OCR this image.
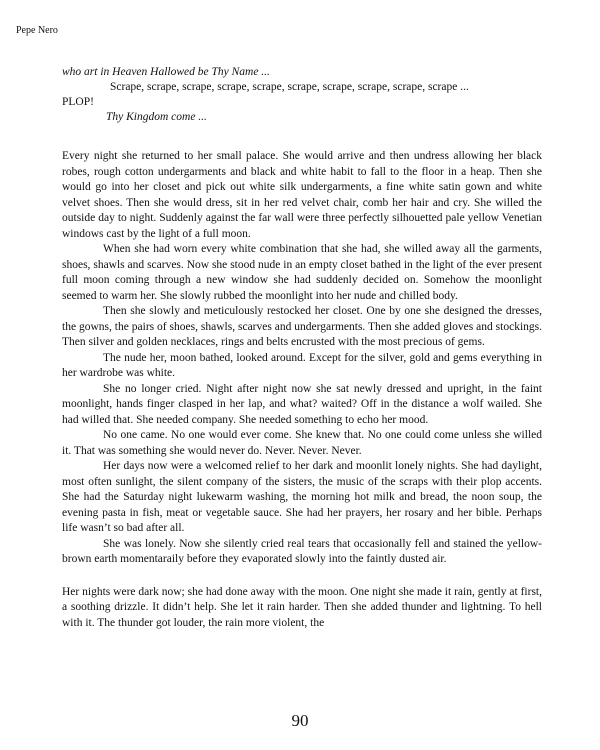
Pepe Nero
who art in Heaven Hallowed be Thy Name ...
Scrape, scrape, scrape, scrape, scrape, scrape, scrape, scrape, scrape, scrape ...
PLOP!
Thy Kingdom come ...

Every night she returned to her small palace. She would arrive and then undress allowing her black robes, rough cotton undergarments and black and white habit to fall to the floor in a heap. Then she would go into her closet and pick out white silk undergarments, a fine white satin gown and white velvet shoes. Then she would dress, sit in her red velvet chair, comb her hair and cry. She willed the outside day to night. Suddenly against the far wall were three perfectly silhouetted pale yellow Venetian windows cast by the light of a full moon.

When she had worn every white combination that she had, she willed away all the garments, shoes, shawls and scarves. Now she stood nude in an empty closet bathed in the light of the ever present full moon coming through a new window she had suddenly decided on. Somehow the moonlight seemed to warm her. She slowly rubbed the moonlight into her nude and chilled body.

Then she slowly and meticulously restocked her closet. One by one she designed the dresses, the gowns, the pairs of shoes, shawls, scarves and undergarments. Then she added gloves and stockings. Then silver and golden necklaces, rings and belts encrusted with the most precious of gems.

The nude her, moon bathed, looked around. Except for the silver, gold and gems everything in her wardrobe was white.

She no longer cried. Night after night now she sat newly dressed and upright, in the faint moonlight, hands finger clasped in her lap, and what? waited? Off in the distance a wolf wailed. She had willed that. She needed company. She needed something to echo her mood.

No one came. No one would ever come. She knew that. No one could come unless she willed it. That was something she would never do. Never. Never. Never.

Her days now were a welcomed relief to her dark and moonlit lonely nights. She had daylight, most often sunlight, the silent company of the sisters, the music of the scraps with their plop accents. She had the Saturday night lukewarm washing, the morning hot milk and bread, the noon soup, the evening pasta in fish, meat or vegetable sauce. She had her prayers, her rosary and her bible. Perhaps life wasn’t so bad after all.

She was lonely. Now she silently cried real tears that occasionally fell and stained the yellow-brown earth momentaraily before they evaporated slowly into the faintly dusted air.

Her nights were dark now; she had done away with the moon. One night she made it rain, gently at first, a soothing drizzle. It didn’t help. She let it rain harder. Then she added thunder and lightning. To hell with it. The thunder got louder, the rain more violent, the

90
